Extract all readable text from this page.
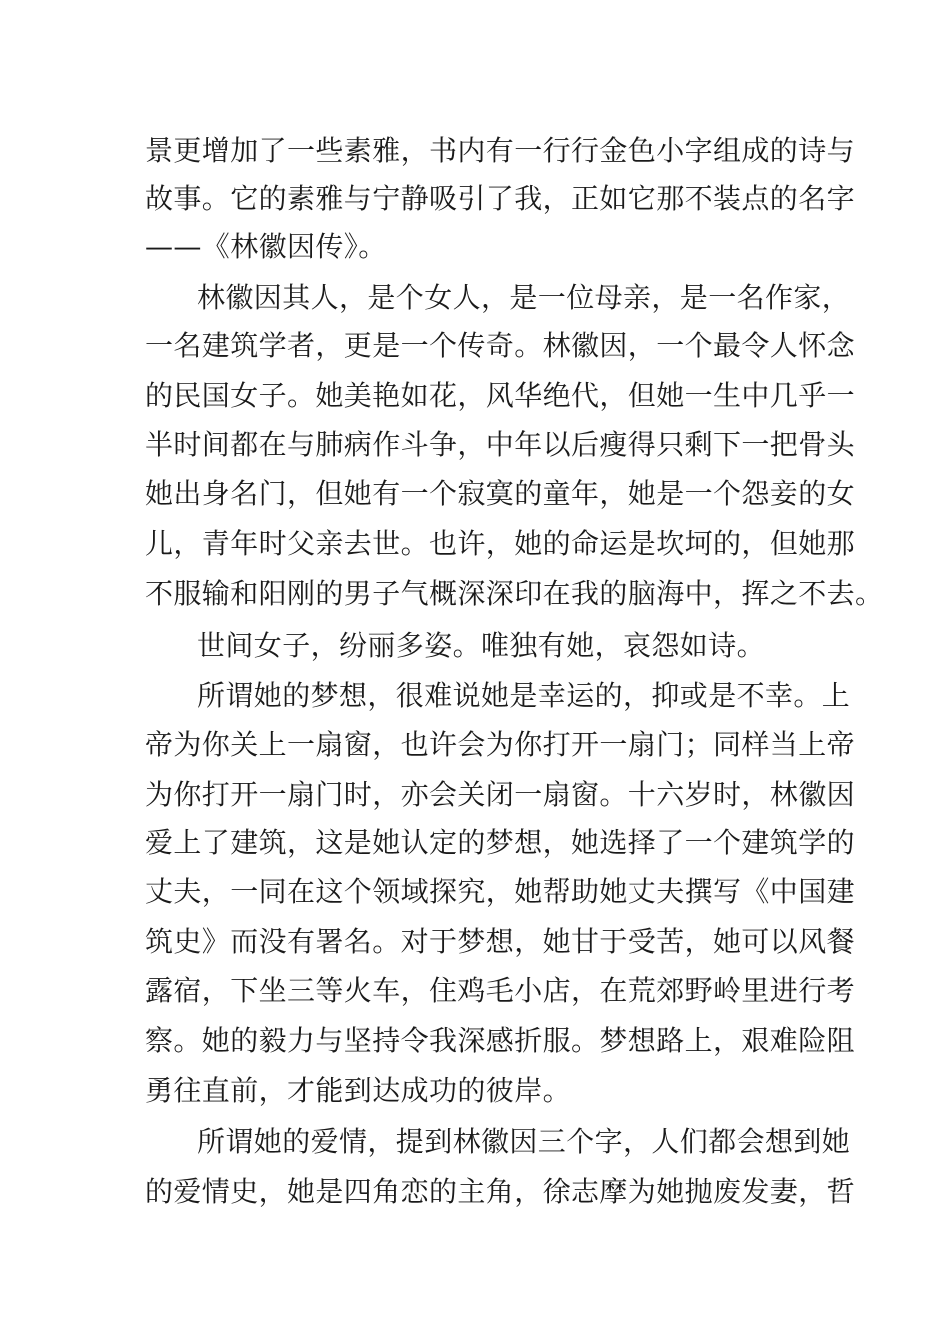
景更增加了一些素雅，书内有一行行金色小字组成的诗与
故事。它的素雅与宁静吸引了我，正如它那不装点的名字
——《林徽因传》。
林徽因其人，是个女人，是一位母亲，是一名作家，
一名建筑学者，更是一个传奇。林徽因，一个最令人怀念
的民国女子。她美艳如花，风华绝代，但她一生中几乎一
半时间都在与肺病作斗争，中年以后瘦得只剩下一把骨头
她出身名门，但她有一个寂寞的童年，她是一个怨妾的女
儿，青年时父亲去世。也许，她的命运是坎坷的，但她那
不服输和阳刚的男子气概深深印在我的脑海中，挥之不去。
世间女子，纷丽多姿。唯独有她，哀怨如诗。
所谓她的梦想，很难说她是幸运的，抑或是不幸。上
帝为你关上一扇窗，也许会为你打开一扇门；同样当上帝
为你打开一扇门时，亦会关闭一扇窗。十六岁时，林徽因
爱上了建筑，这是她认定的梦想，她选择了一个建筑学的
丈夫，一同在这个领域探究，她帮助她丈夫撰写《中国建
筑史》而没有署名。对于梦想，她甘于受苦，她可以风餐
露宿，下坐三等火车，住鸡毛小店，在荒郊野岭里进行考
察。她的毅力与坚持令我深感折服。梦想路上，艰难险阻
勇往直前，才能到达成功的彼岸。
所谓她的爱情，提到林徽因三个字，人们都会想到她
的爱情史，她是四角恋的主角，徐志摩为她抛废发妻，哲
